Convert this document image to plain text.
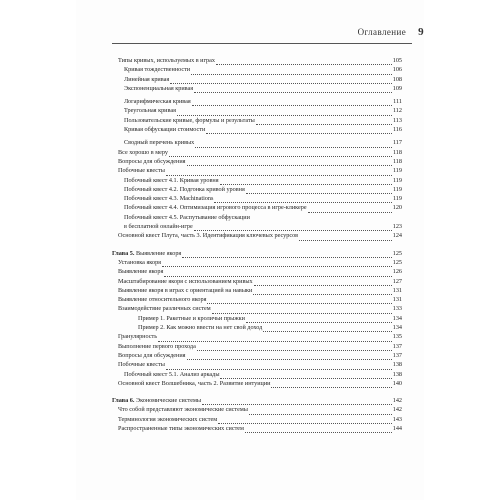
Оглавление 9
Типы кривых, используемых в играх	105
Кривая тождественности	106
Линейная кривая	108
Экспоненциальная кривая	109
Логарифмическая кривая	111
Треугольная кривая	112
Пользовательские кривые, формулы и результаты	113
Кривая обфускации стоимости	116
Сводный перечень кривых	117
Все хорошо в меру	118
Вопросы для обсуждения	118
Побочные квесты	119
Побочный квест 4.1. Кривая уровня	119
Побочный квест 4.2. Подгонка кривой уровня	119
Побочный квест 4.3. Machinations	119
Побочный квест 4.4. Оптимизация игрового процесса в игре-кликере	120
Побочный квест 4.5. Распутывание обфускации
в бесплатной онлайн-игре	123
Основной квест Плута, часть 3. Идентификация ключевых ресурсов	124
Глава 5. Выявление якоря	125
Установка якоря	125
Выявление якоря	126
Масштабирование якоря с использованием кривых	127
Выявление якоря в играх с ориентацией на навыки	131
Выявление относительного якоря	131
Взаимодействие различных систем	133
Пример 1. Ракетные и кроличьи прыжки	134
Пример 2. Как можно ввести на нет свой доход	134
Гранулярность	135
Выполнение первого прохода	137
Вопросы для обсуждения	137
Побочные квесты	138
Побочный квест 5.1. Анализ аркады	138
Основной квест Волшебника, часть 2. Развитие интуиции	140
Глава 6. Экономические системы	142
Что собой представляют экономические системы	142
Терминология экономических систем	143
Распространенные типы экономических систем	144
